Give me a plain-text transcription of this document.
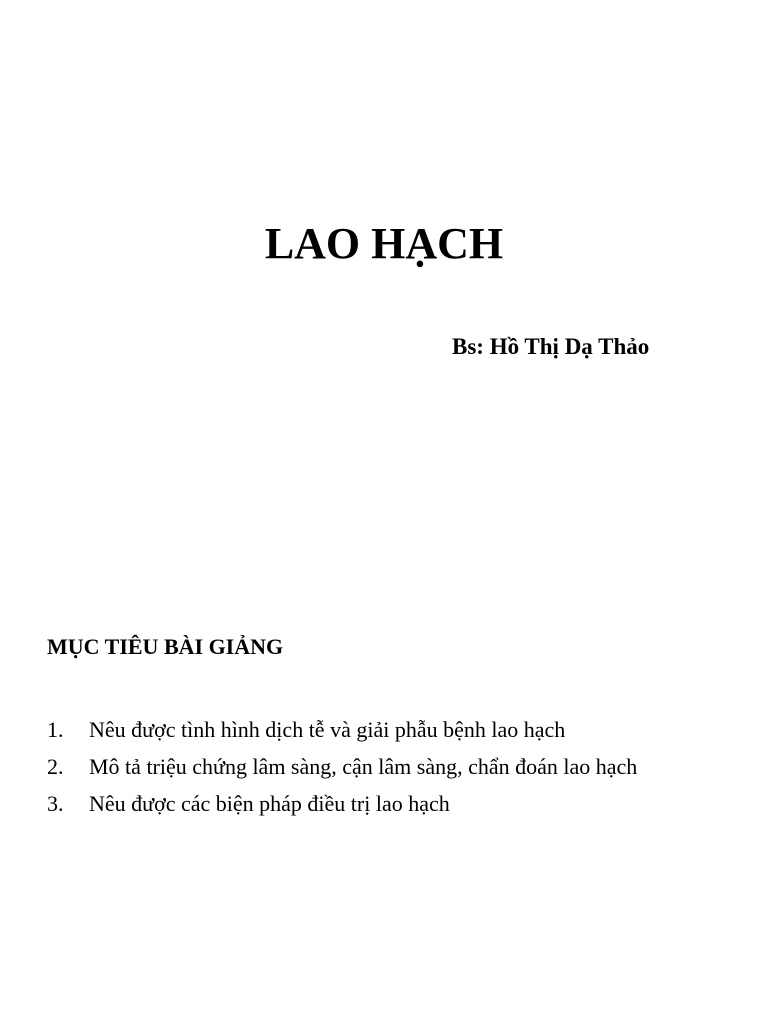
LAO HẠCH
Bs: Hồ Thị Dạ Thảo
MỤC TIÊU BÀI GIẢNG
1.	Nêu được tình hình dịch tễ và giải phẫu bệnh lao hạch
2.	Mô tả triệu chứng lâm sàng, cận lâm sàng, chẩn đoán lao hạch
3.	Nêu được các biện pháp điều trị lao hạch
